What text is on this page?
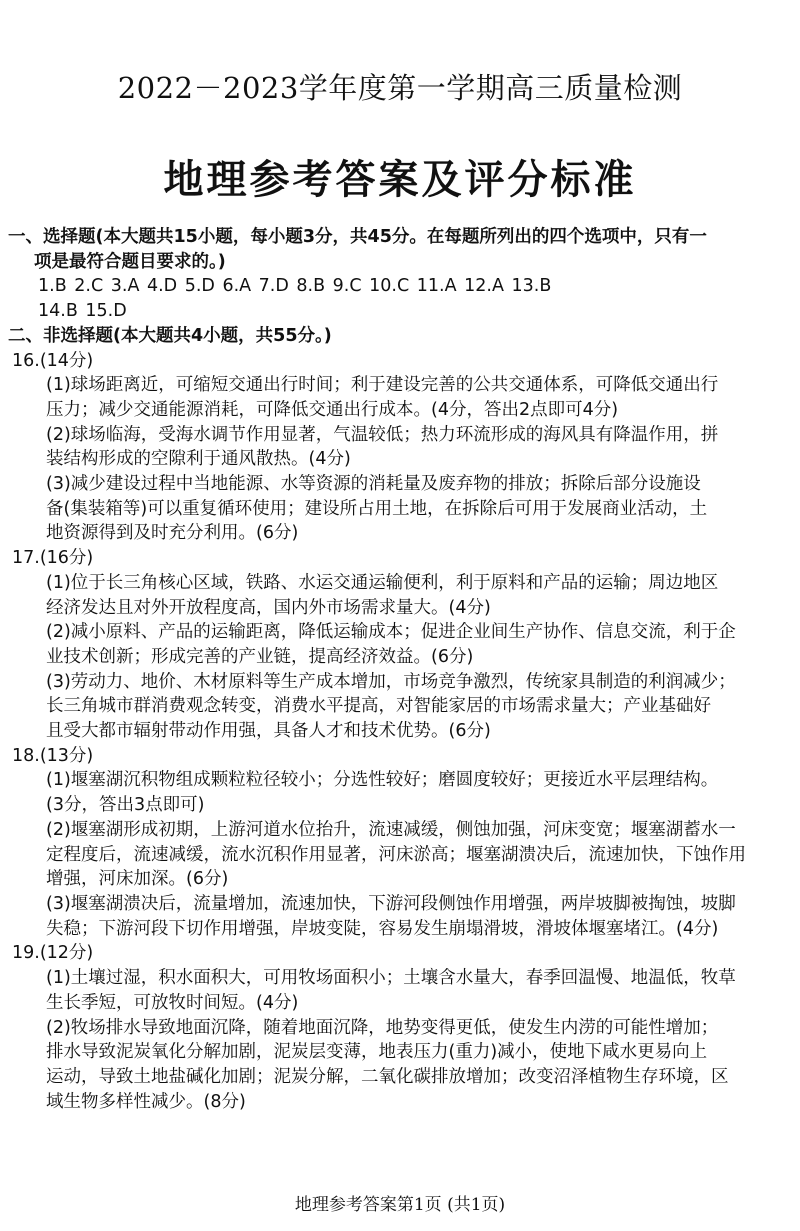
2022－2023学年度第一学期高三质量检测
地理参考答案及评分标准

一、选择题(本大题共15小题，每小题3分，共45分。在每题所列出的四个选项中，只有一

项是最符合题目要求的。)

1.B 2.C 3.A 4.D 5.D 6.A 7.D 8.B 9.C 10.C 11.A 12.A 13.B

14.B 15.D

二、非选择题(本大题共4小题，共55分。)

16.(14分)

(1)球场距离近，可缩短交通出行时间；利于建设完善的公共交通体系，可降低交通出行

压力；减少交通能源消耗，可降低交通出行成本。(4分，答出2点即可4分)

(2)球场临海，受海水调节作用显著，气温较低；热力环流形成的海风具有降温作用，拼

装结构形成的空隙利于通风散热。(4分)

(3)减少建设过程中当地能源、水等资源的消耗量及废弃物的排放；拆除后部分设施设

备(集装箱等)可以重复循环使用；建设所占用土地，在拆除后可用于发展商业活动，土

地资源得到及时充分利用。(6分)

17.(16分)

(1)位于长三角核心区域，铁路、水运交通运输便利，利于原料和产品的运输；周边地区

经济发达且对外开放程度高，国内外市场需求量大。(4分)

(2)减小原料、产品的运输距离，降低运输成本；促进企业间生产协作、信息交流，利于企

业技术创新；形成完善的产业链，提高经济效益。(6分)

(3)劳动力、地价、木材原料等生产成本增加，市场竞争激烈，传统家具制造的利润减少；

长三角城市群消费观念转变，消费水平提高，对智能家居的市场需求量大；产业基础好

且受大都市辐射带动作用强，具备人才和技术优势。(6分)

18.(13分)

(1)堰塞湖沉积物组成颗粒粒径较小；分选性较好；磨圆度较好；更接近水平层理结构。

(3分，答出3点即可)

(2)堰塞湖形成初期，上游河道水位抬升，流速减缓，侧蚀加强，河床变宽；堰塞湖蓄水一

定程度后，流速减缓，流水沉积作用显著，河床淤高；堰塞湖溃决后，流速加快，下蚀作用

增强，河床加深。(6分)

(3)堰塞湖溃决后，流量增加，流速加快，下游河段侧蚀作用增强，两岸坡脚被掏蚀，坡脚

失稳；下游河段下切作用增强，岸坡变陡，容易发生崩塌滑坡，滑坡体堰塞堵江。(4分)

19.(12分)

(1)土壤过湿，积水面积大，可用牧场面积小；土壤含水量大，春季回温慢、地温低，牧草

生长季短，可放牧时间短。(4分)

(2)牧场排水导致地面沉降，随着地面沉降，地势变得更低，使发生内涝的可能性增加；

排水导致泥炭氧化分解加剧，泥炭层变薄，地表压力(重力)减小，使地下咸水更易向上

运动，导致土地盐碱化加剧；泥炭分解，二氧化碳排放增加；改变沼泽植物生存环境，区

域生物多样性减少。(8分)

地理参考答案第1页 (共1页)
